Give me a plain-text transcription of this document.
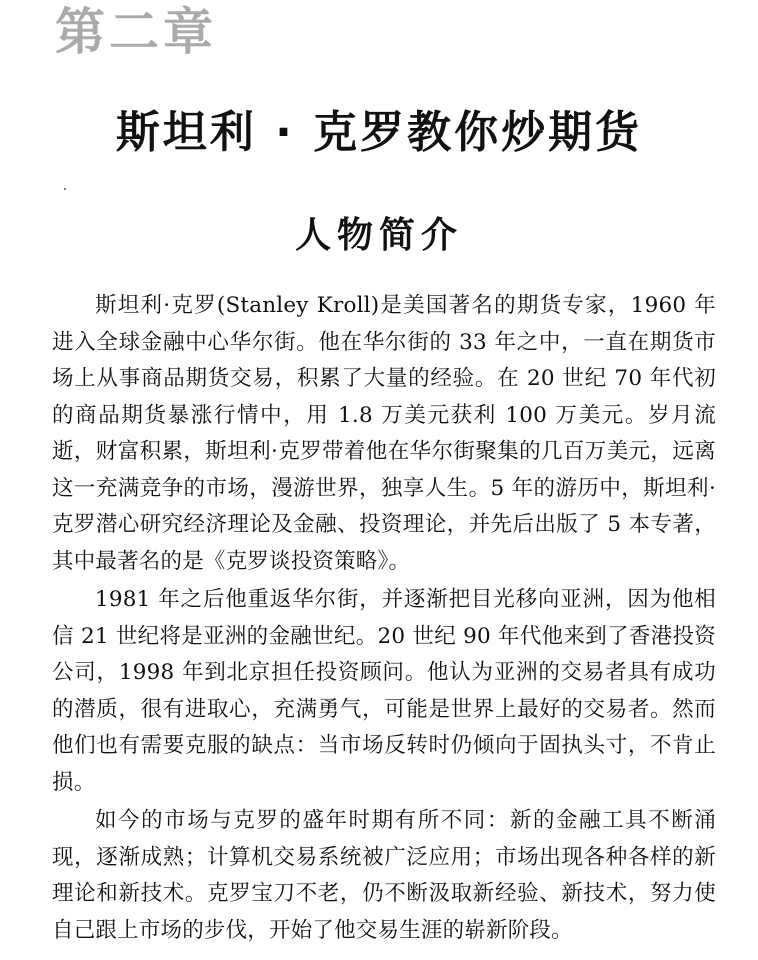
第二章
斯坦利 · 克罗教你炒期货
人物简介

斯坦利·克罗(Stanley Kroll)是美国著名的期货专家，1960 年进入全球金融中心华尔街。他在华尔街的 33 年之中，一直在期货市场上从事商品期货交易，积累了大量的经验。在 20 世纪 70 年代初的商品期货暴涨行情中，用 1.8 万美元获利 100 万美元。岁月流逝，财富积累，斯坦利·克罗带着他在华尔街聚集的几百万美元，远离这一充满竞争的市场，漫游世界，独享人生。5 年的游历中，斯坦利·克罗潜心研究经济理论及金融、投资理论，并先后出版了 5 本专著，其中最著名的是《克罗谈投资策略》。

1981 年之后他重返华尔街，并逐渐把目光移向亚洲，因为他相信 21 世纪将是亚洲的金融世纪。20 世纪 90 年代他来到了香港投资公司，1998 年到北京担任投资顾问。他认为亚洲的交易者具有成功的潜质，很有进取心，充满勇气，可能是世界上最好的交易者。然而他们也有需要克服的缺点：当市场反转时仍倾向于固执头寸，不肯止损。

如今的市场与克罗的盛年时期有所不同：新的金融工具不断涌现，逐渐成熟；计算机交易系统被广泛应用；市场出现各种各样的新理论和新技术。克罗宝刀不老，仍不断汲取新经验、新技术，努力使自己跟上市场的步伐，开始了他交易生涯的崭新阶段。
